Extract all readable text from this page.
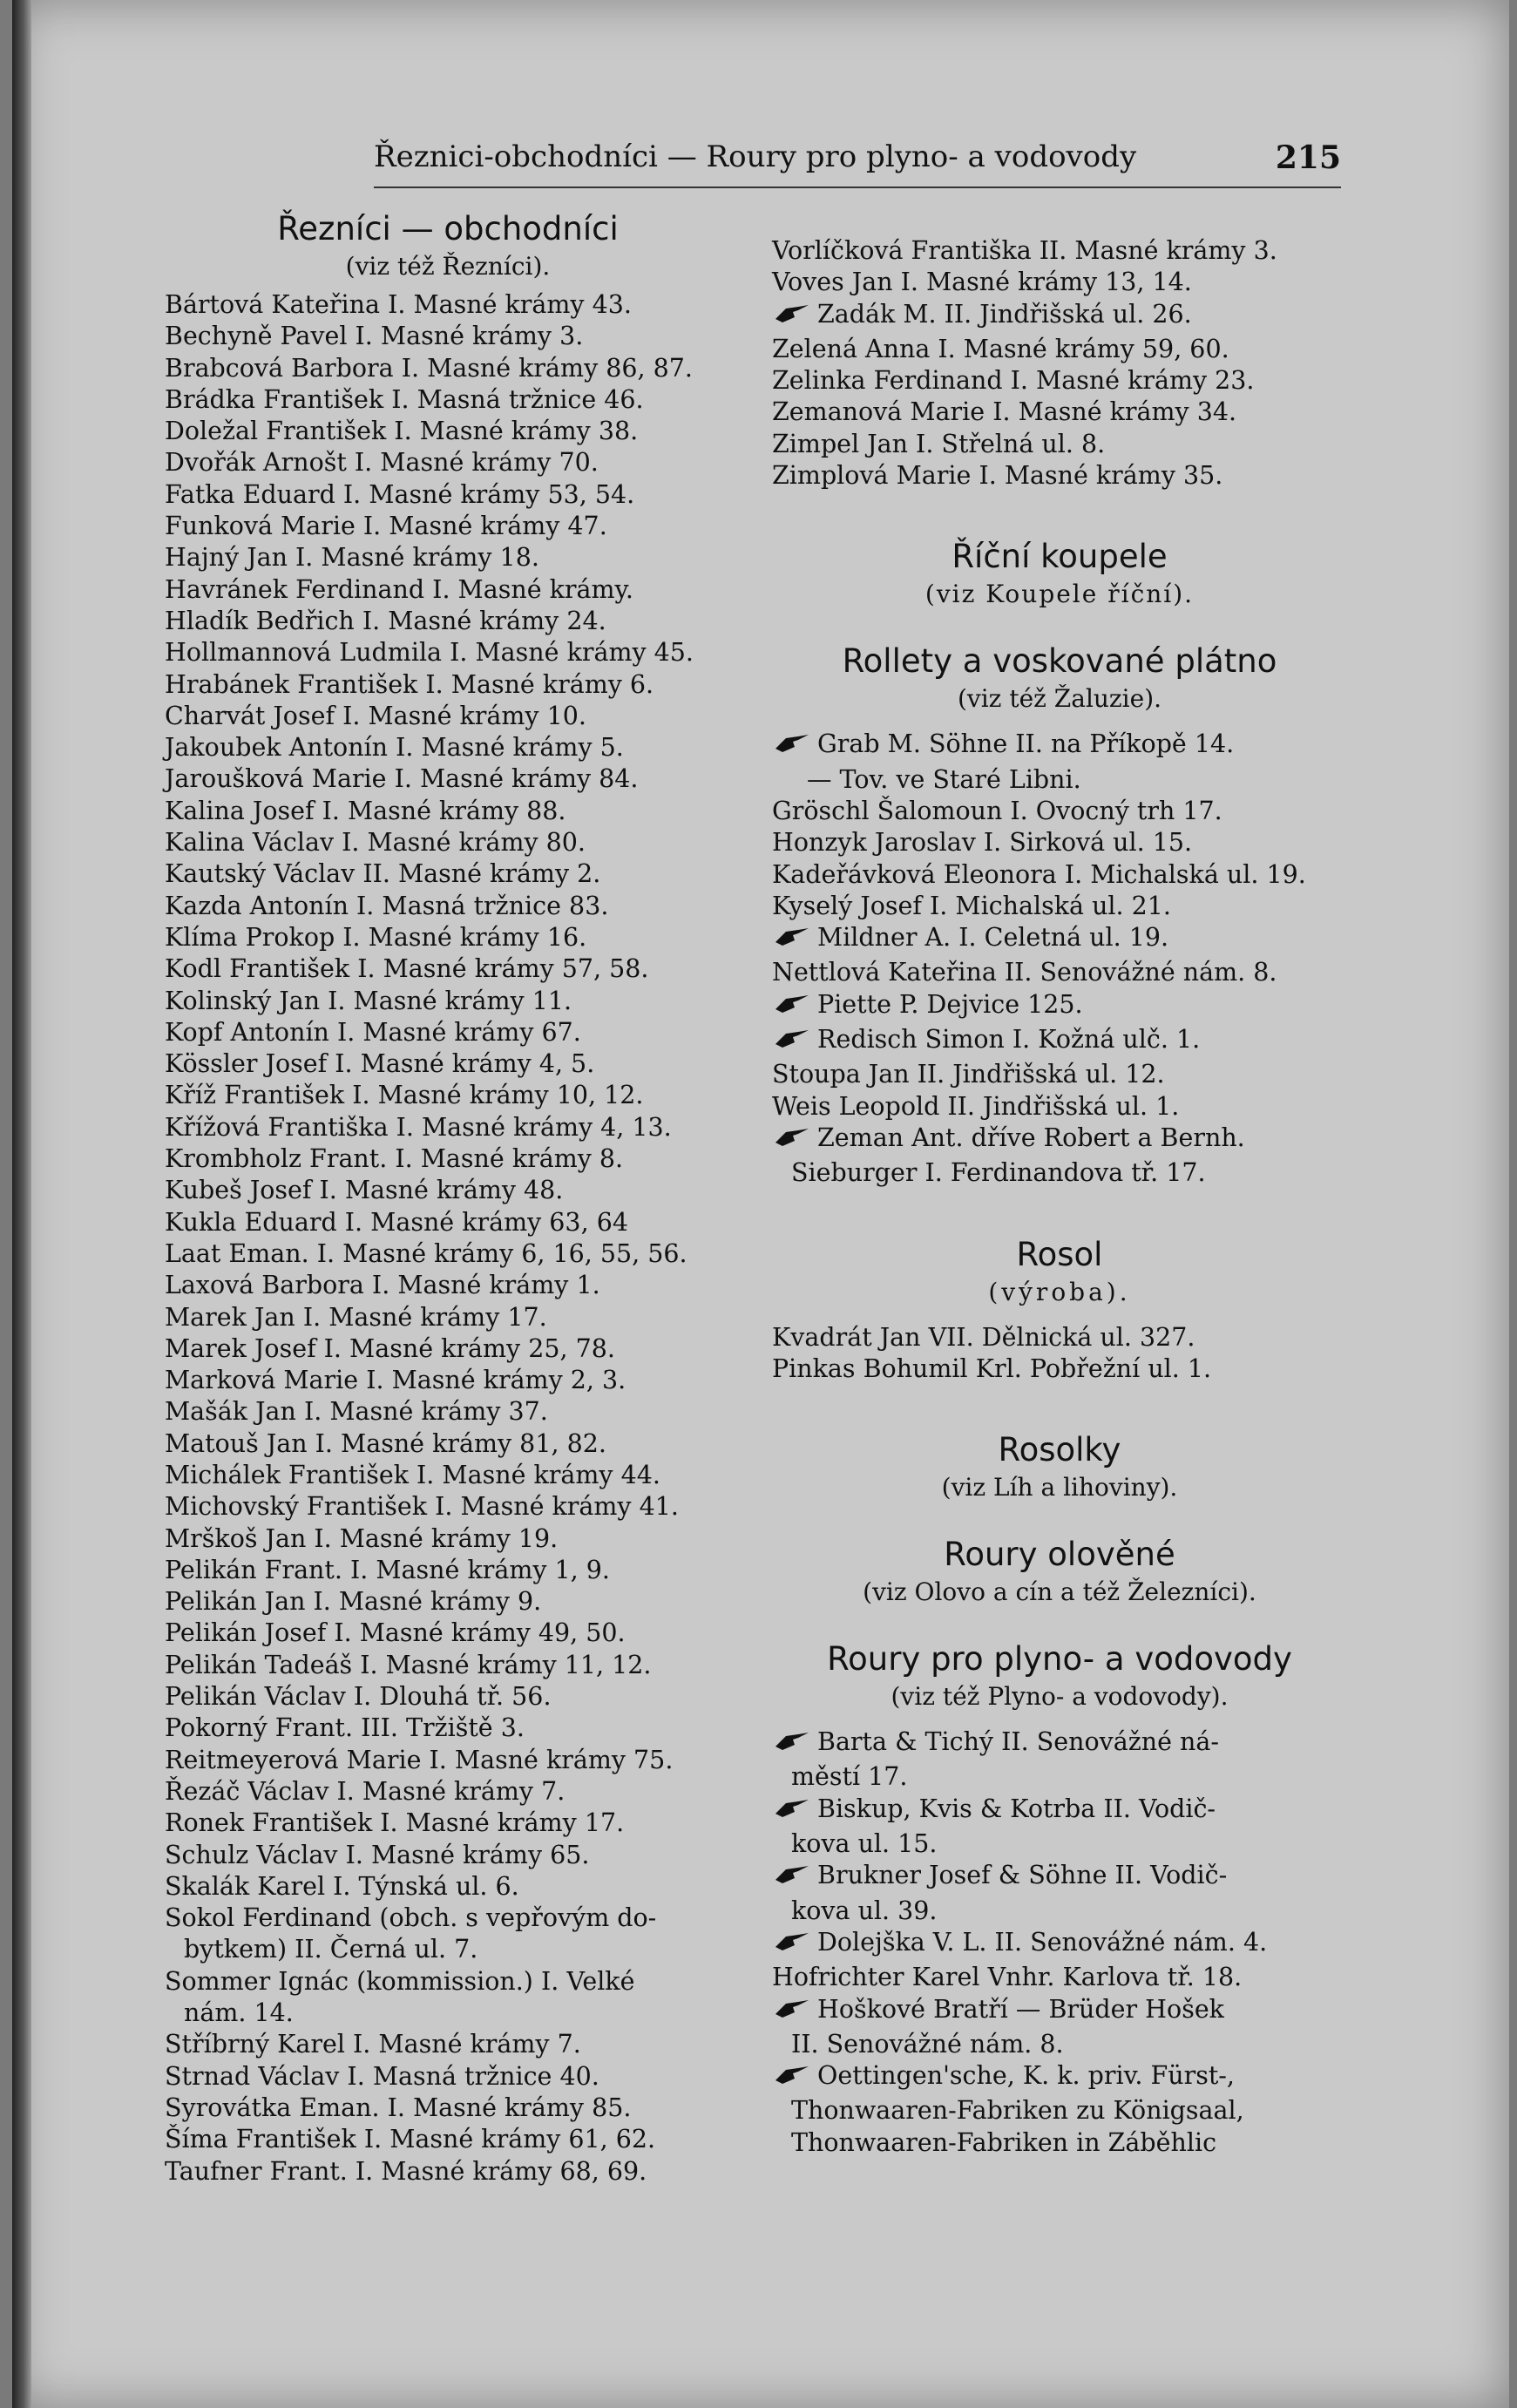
Řeznici-obchodníci — Roury pro plyno- a vodovody	215
Řezníci — obchodníci
(viz též Řezníci).
Bártová Kateřina I. Masné krámy 43.
Bechyně Pavel I. Masné krámy 3.
Brabcová Barbora I. Masné krámy 86, 87.
Brádka František I. Masná tržnice 46.
Doležal František I. Masné krámy 38.
Dvořák Arnošt I. Masné krámy 70.
Fatka Eduard I. Masné krámy 53, 54.
Funková Marie I. Masné krámy 47.
Hajný Jan I. Masné krámy 18.
Havránek Ferdinand I. Masné krámy.
Hladík Bedřich I. Masné krámy 24.
Hollmannová Ludmila I. Masné krámy 45.
Hrabánek František I. Masné krámy 6.
Charvát Josef I. Masné krámy 10.
Jakoubek Antonín I. Masné krámy 5.
Jaroušková Marie I. Masné krámy 84.
Kalina Josef I. Masné krámy 88.
Kalina Václav I. Masné krámy 80.
Kautský Václav II. Masné krámy 2.
Kazda Antonín I. Masná tržnice 83.
Klíma Prokop I. Masné krámy 16.
Kodl František I. Masné krámy 57, 58.
Kolinský Jan I. Masné krámy 11.
Kopf Antonín I. Masné krámy 67.
Kössler Josef I. Masné krámy 4, 5.
Kříž František I. Masné krámy 10, 12.
Křížová Františka I. Masné krámy 4, 13.
Krombholz Frant. I. Masné krámy 8.
Kubeš Josef I. Masné krámy 48.
Kukla Eduard I. Masné krámy 63, 64
Laat Eman. I. Masné krámy 6, 16, 55, 56.
Laxová Barbora I. Masné krámy 1.
Marek Jan I. Masné krámy 17.
Marek Josef I. Masné krámy 25, 78.
Marková Marie I. Masné krámy 2, 3.
Mašák Jan I. Masné krámy 37.
Matouš Jan I. Masné krámy 81, 82.
Michálek František I. Masné krámy 44.
Michovský František I. Masné krámy 41.
Mrškoš Jan I. Masné krámy 19.
Pelikán Frant. I. Masné krámy 1, 9.
Pelikán Jan I. Masné krámy 9.
Pelikán Josef I. Masné krámy 49, 50.
Pelikán Tadeáš I. Masné krámy 11, 12.
Pelikán Václav I. Dlouhá tř. 56.
Pokorný Frant. III. Tržiště 3.
Reitmeyerová Marie I. Masné krámy 75.
Řezáč Václav I. Masné krámy 7.
Ronek František I. Masné krámy 17.
Schulz Václav I. Masné krámy 65.
Skalák Karel I. Týnská ul. 6.
Sokol Ferdinand (obch. s vepřovým do-
bytkem) II. Černá ul. 7.
Sommer Ignác (kommission.) I. Velké
nám. 14.
Stříbrný Karel I. Masné krámy 7.
Strnad Václav I. Masná tržnice 40.
Syrovátka Eman. I. Masné krámy 85.
Šíma František I. Masné krámy 61, 62.
Taufner Frant. I. Masné krámy 68, 69.
Vorlíčková Františka II. Masné krámy 3.
Voves Jan I. Masné krámy 13, 14.
Zadák M. II. Jindřišská ul. 26.
Zelená Anna I. Masné krámy 59, 60.
Zelinka Ferdinand I. Masné krámy 23.
Zemanová Marie I. Masné krámy 34.
Zimpel Jan I. Střelná ul. 8.
Zimplová Marie I. Masné krámy 35.
Říční koupele
(viz Koupele říční).
Rollety a voskované plátno
(viz též Žaluzie).
Grab M. Söhne II. na Příkopě 14.
— Tov. ve Staré Libni.
Gröschl Šalomoun I. Ovocný trh 17.
Honzyk Jaroslav I. Sirková ul. 15.
Kadeřávková Eleonora I. Michalská ul. 19.
Kyselý Josef I. Michalská ul. 21.
Mildner A. I. Celetná ul. 19.
Nettlová Kateřina II. Senovážné nám. 8.
Piette P. Dejvice 125.
Redisch Simon I. Kožná ulč. 1.
Stoupa Jan II. Jindřišská ul. 12.
Weis Leopold II. Jindřišská ul. 1.
Zeman Ant. dříve Robert a Bernh.
Sieburger I. Ferdinandova tř. 17.
Rosol
(výroba).
Kvadrát Jan VII. Dělnická ul. 327.
Pinkas Bohumil Krl. Pobřežní ul. 1.
Rosolky
(viz Líh a lihoviny).
Roury olověné
(viz Olovo a cín a též Železníci).
Roury pro plyno- a vodovody
(viz též Plyno- a vodovody).
Barta & Tichý II. Senovážné ná-
městí 17.
Biskup, Kvis & Kotrba II. Vodič-
kova ul. 15.
Brukner Josef & Söhne II. Vodič-
kova ul. 39.
Dolejška V. L. II. Senovážné nám. 4.
Hofrichter Karel Vnhr. Karlova tř. 18.
Hoškové Bratří — Brüder Hošek
II. Senovážné nám. 8.
Oettingen'sche, K. k. priv. Fürst-,
Thonwaaren-Fabriken zu Königsaal,
Thonwaaren-Fabriken in Záběhlic
